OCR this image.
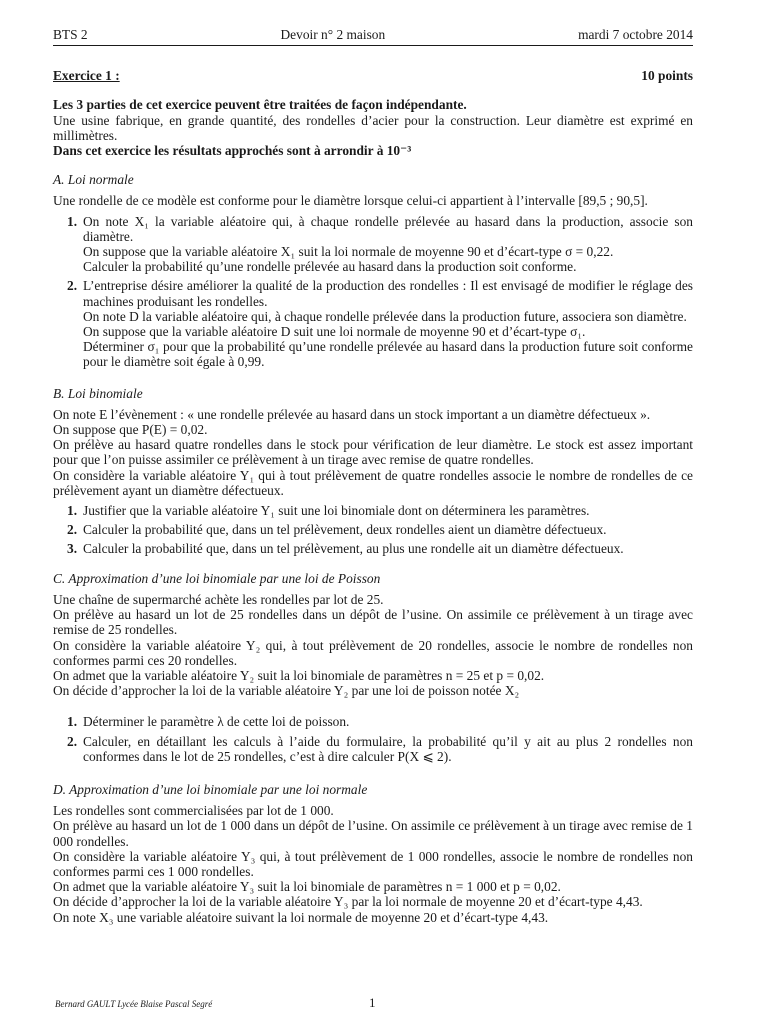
BTS 2	Devoir n° 2 maison	mardi 7 octobre 2014
Exercice 1 :	10 points

Les 3 parties de cet exercice peuvent être traitées de façon indépendante.

Une usine fabrique, en grande quantité, des rondelles d’acier pour la construction. Leur diamètre est exprimé en millimètres.

Dans cet exercice les résultats approchés sont à arrondir à 10⁻³

A. Loi normale

Une rondelle de ce modèle est conforme pour le diamètre lorsque celui-ci appartient à l’intervalle [89,5 ; 90,5].

1. On note X₁ la variable aléatoire qui, à chaque rondelle prélevée au hasard dans la production, associe son diamètre.

On suppose que la variable aléatoire X₁ suit la loi normale de moyenne 90 et d’écart-type σ = 0,22.

Calculer la probabilité qu’une rondelle prélevée au hasard dans la production soit conforme.

2. L’entreprise désire améliorer la qualité de la production des rondelles : Il est envisagé de modifier le réglage des machines produisant les rondelles.

On note D la variable aléatoire qui, à chaque rondelle prélevée dans la production future, associera son diamètre.

On suppose que la variable aléatoire D suit une loi normale de moyenne 90 et d’écart-type σ₁.

Déterminer σ₁ pour que la probabilité qu’une rondelle prélevée au hasard dans la production future soit conforme pour le diamètre soit égale à 0,99.

B. Loi binomiale

On note E l’évènement : « une rondelle prélevée au hasard dans un stock important a un diamètre défectueux ».

On suppose que P(E) = 0,02.

On prélève au hasard quatre rondelles dans le stock pour vérification de leur diamètre. Le stock est assez important pour que l’on puisse assimiler ce prélèvement à un tirage avec remise de quatre rondelles.

On considère la variable aléatoire Y₁ qui à tout prélèvement de quatre rondelles associe le nombre de rondelles de ce prélèvement ayant un diamètre défectueux.

1. Justifier que la variable aléatoire Y₁ suit une loi binomiale dont on déterminera les paramètres.

2. Calculer la probabilité que, dans un tel prélèvement, deux rondelles aient un diamètre défectueux.

3. Calculer la probabilité que, dans un tel prélèvement, au plus une rondelle ait un diamètre défectueux.

C. Approximation d’une loi binomiale par une loi de Poisson

Une chaîne de supermarché achète les rondelles par lot de 25.

On prélève au hasard un lot de 25 rondelles dans un dépôt de l’usine. On assimile ce prélèvement à un tirage avec remise de 25 rondelles.

On considère la variable aléatoire Y₂ qui, à tout prélèvement de 20 rondelles, associe le nombre de rondelles non conformes parmi ces 20 rondelles.

On admet que la variable aléatoire Y₂ suit la loi binomiale de paramètres n = 25 et p = 0,02.

On décide d’approcher la loi de la variable aléatoire Y₂ par une loi de poisson notée X₂

1. Déterminer le paramètre λ de cette loi de poisson.

2. Calculer, en détaillant les calculs à l’aide du formulaire, la probabilité qu’il y ait au plus 2 rondelles non conformes dans le lot de 25 rondelles, c’est à dire calculer P(X ⩽ 2).

D. Approximation d’une loi binomiale par une loi normale

Les rondelles sont commercialisées par lot de 1 000.

On prélève au hasard un lot de 1 000 dans un dépôt de l’usine. On assimile ce prélèvement à un tirage avec remise de 1 000 rondelles.

On considère la variable aléatoire Y₃ qui, à tout prélèvement de 1 000 rondelles, associe le nombre de rondelles non conformes parmi ces 1 000 rondelles.

On admet que la variable aléatoire Y₃ suit la loi binomiale de paramètres n = 1 000 et p = 0,02.

On décide d’approcher la loi de la variable aléatoire Y₃ par la loi normale de moyenne 20 et d’écart-type 4,43.

On note X₃ une variable aléatoire suivant la loi normale de moyenne 20 et d’écart-type 4,43.

Bernard GAULT Lycée Blaise Pascal Segré	1
